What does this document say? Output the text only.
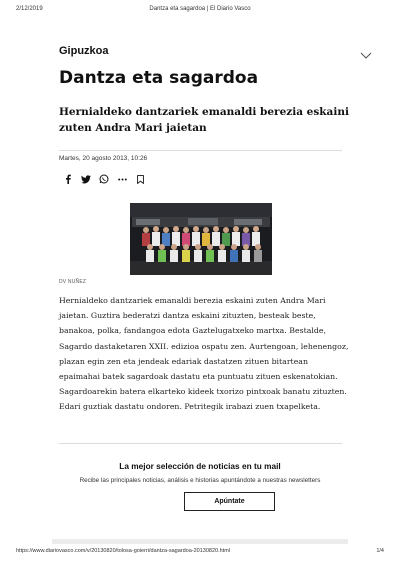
2/12/2019	Dantza eta sagardoa | El Diario Vasco
Gipuzkoa
Dantza eta sagardoa
Hernialdeko dantzariek emanaldi berezia eskaini zuten Andra Mari jaietan
Martes, 20 agosto 2013, 10:26
DV NUÑEZ

Hernialdeko dantzariek emanaldi berezia eskaini zuten Andra Mari jaietan. Guztira bederatzi dantza eskaini zituzten, besteak beste, banakoa, polka, fandangoa edota Gaztelugatxeko martxa. Bestalde, Sagardo dastaketaren XXII. edizioa ospatu zen. Aurtengoan, lehenengoz, plazan egin zen eta jendeak edariak dastatzen zituen bitartean epaimahai batek sagardoak dastatu eta puntuatu zituen eskenatokian. Sagardoarekin batera elkarteko kideek txorizo pintxoak banatu zituzten. Edari guztiak dastatu ondoren. Petritegik irabazi zuen txapelketa.

La mejor selección de noticias en tu mail
Recibe las principales noticias, análisis e historias apuntándote a nuestras newsletters
Apúntate
https://www.diariovasco.com/v/20130820/tolosa-goierri/dantza-sagardoa-20130820.html	1/4
